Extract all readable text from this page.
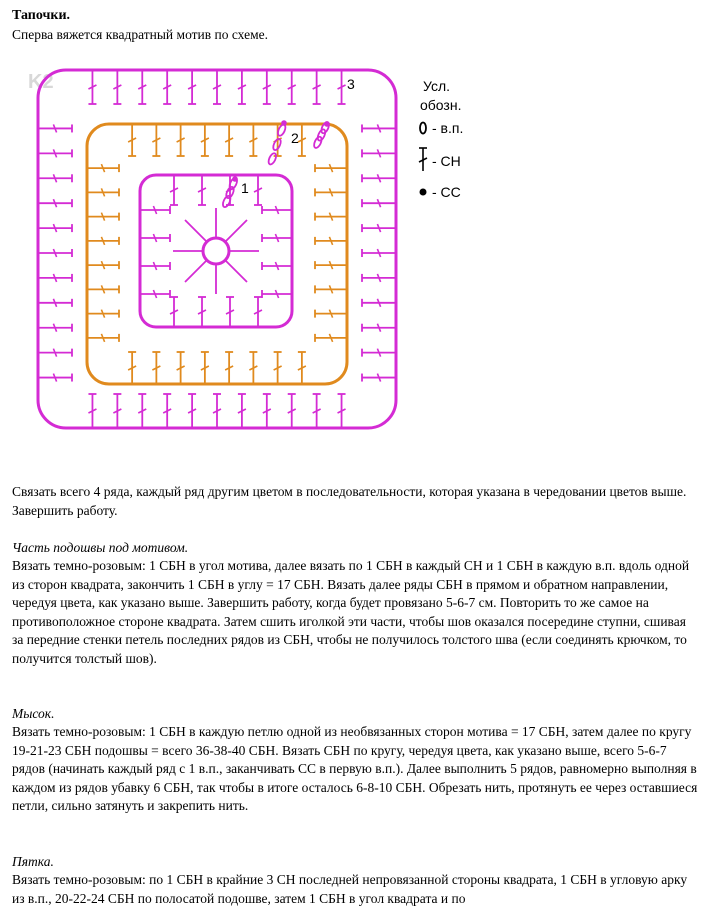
Тапочки.

Сперва вяжется квадратный мотив по схеме.

K2
1
2
3	Усл.
обозн.
- в.п.
- СН
- СС

Связать всего 4 ряда, каждый ряд другим цветом в последовательности, которая указана в чередовании цветов выше. Завершить работу.

Часть подошвы под мотивом.

Вязать темно-розовым: 1 СБН в угол мотива, далее вязать по 1 СБН в каждый СН и 1 СБН в каждую в.п. вдоль одной из сторон квадрата, закончить 1 СБН в углу = 17 СБН. Вязать далее ряды СБН в прямом и обратном направлении, чередуя цвета, как указано выше. Завершить работу, когда будет провязано 5-6-7 см. Повторить то же самое на противоположное стороне квадрата. Затем сшить иголкой эти части, чтобы шов оказался посередине ступни, сшивая за передние стенки петель последних рядов из СБН, чтобы не получилось толстого шва (если соединять крючком, то получится толстый шов).

Мысок.

Вязать темно-розовым: 1 СБН в каждую петлю одной из необвязанных сторон мотива = 17 СБН, затем далее по кругу 19-21-23 СБН подошвы = всего 36-38-40 СБН. Вязать СБН по кругу, чередуя цвета, как указано выше, всего 5-6-7 рядов (начинать каждый ряд с 1 в.п., заканчивать СС в первую в.п.). Далее выполнить 5 рядов, равномерно выполняя в каждом из рядов убавку 6 СБН, так чтобы в итоге осталось 6-8-10 СБН. Обрезать нить, протянуть ее через оставшиеся петли, сильно затянуть и закрепить нить.

Пятка.

Вязать темно-розовым: по 1 СБН в крайние 3 СН последней непровязанной стороны квадрата, 1 СБН в угловую арку из в.п., 20-22-24 СБН по полосатой подошве, затем 1 СБН в угол квадрата и по
